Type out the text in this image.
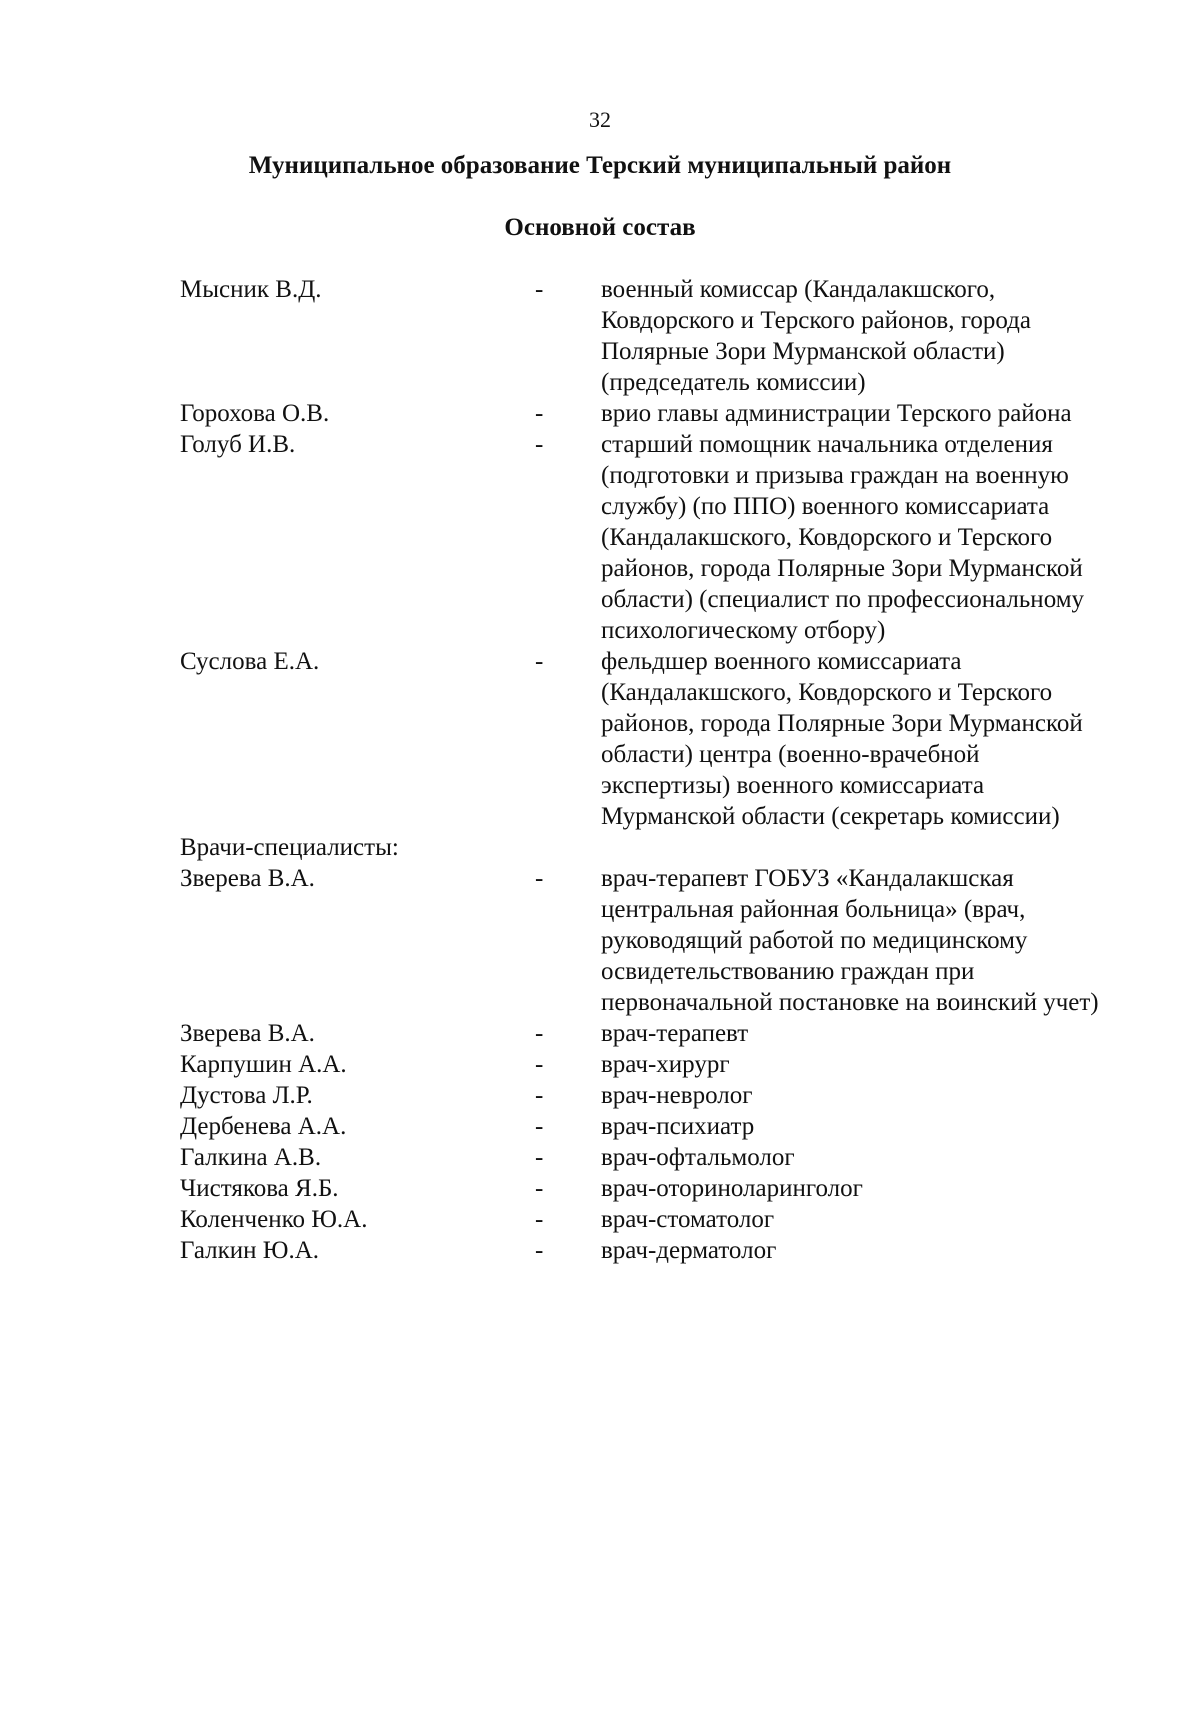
32
Муниципальное образование Терский муниципальный район
Основной состав
Мысник В.Д.	-	военный комиссар (Кандалакшского, Ковдорского и Терского районов, города Полярные Зори Мурманской области) (председатель комиссии)
Горохова О.В.	-	врио главы администрации Терского района
Голуб И.В.	-	старший помощник начальника отделения (подготовки и призыва граждан на военную службу) (по ППО) военного комиссариата (Кандалакшского, Ковдорского и Терского районов, города Полярные Зори Мурманской области) (специалист по профессиональному психологическому отбору)
Суслова Е.А.	-	фельдшер военного комиссариата (Кандалакшского, Ковдорского и Терского районов, города Полярные Зори Мурманской области) центра (военно-врачебной экспертизы) военного комиссариата Мурманской области (секретарь комиссии)
Врачи-специалисты:
Зверева В.А.	-	врач-терапевт ГОБУЗ «Кандалакшская центральная районная больница» (врач, руководящий работой по медицинскому освидетельствованию граждан при первоначальной постановке на воинский учет)
Зверева В.А.	-	врач-терапевт
Карпушин А.А.	-	врач-хирург
Дустова Л.Р.	-	врач-невролог
Дербенева А.А.	-	врач-психиатр
Галкина А.В.	-	врач-офтальмолог
Чистякова Я.Б.	-	врач-оториноларинголог
Коленченко Ю.А.	-	врач-стоматолог
Галкин Ю.А.	-	врач-дерматолог
